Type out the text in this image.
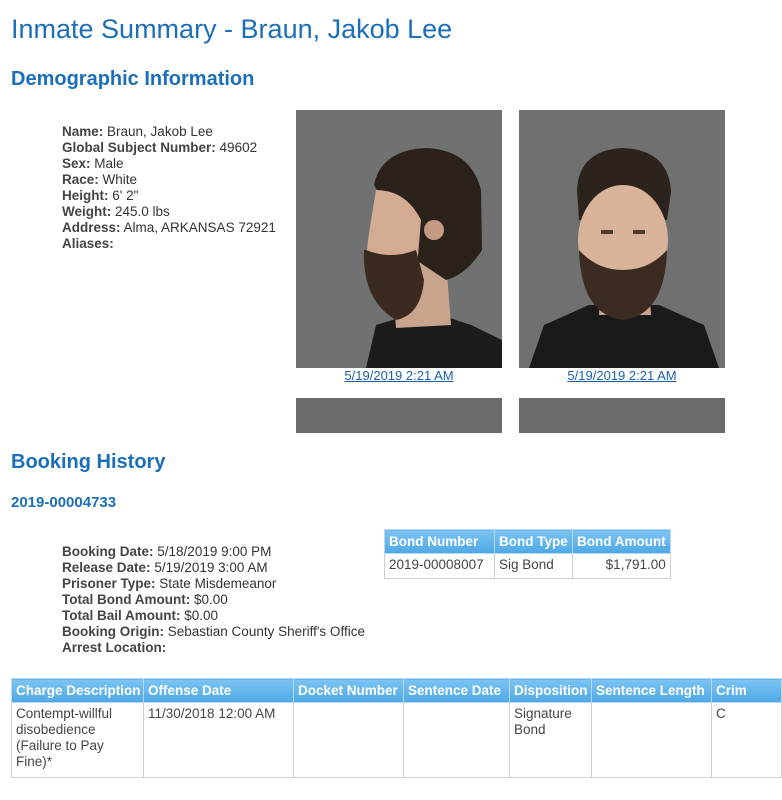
Inmate Summary - Braun, Jakob Lee
Demographic Information
Name: Braun, Jakob Lee
Global Subject Number: 49602
Sex: Male
Race: White
Height: 6' 2"
Weight: 245.0 lbs
Address: Alma, ARKANSAS 72921
Aliases:
5/19/2019 2:21 AM	5/19/2019 2:21 AM
Booking History
2019-00004733
Booking Date: 5/18/2019 9:00 PM
Release Date: 5/19/2019 3:00 AM
Prisoner Type: State Misdemeanor
Total Bond Amount: $0.00
Total Bail Amount: $0.00
Booking Origin: Sebastian County Sheriff's Office
Arrest Location:
Bond Number	Bond Type	Bond Amount
2019-00008007	Sig Bond	$1,791.00
Charge Description	Offense Date	Docket Number	Sentence Date	Disposition	Sentence Length	Crim
Contempt-willful disobedience (Failure to Pay Fine)*	11/30/2018 12:00 AM			Signature Bond		C
